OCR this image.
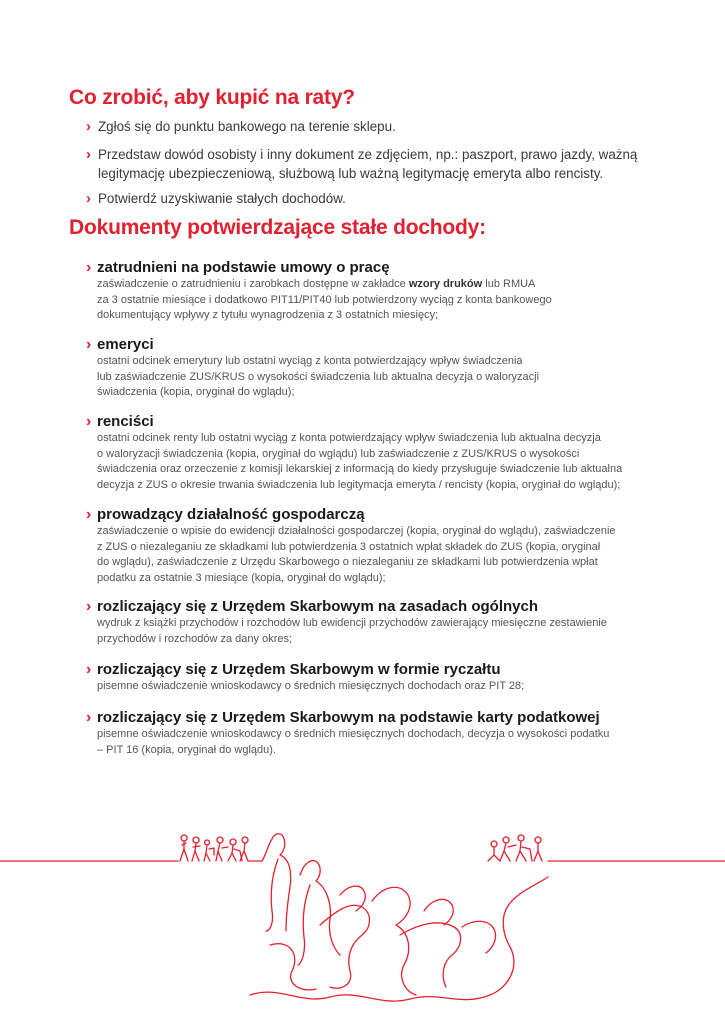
Co zrobić, aby kupić na raty?
› Zgłoś się do punktu bankowego na terenie sklepu.
› Przedstaw dowód osobisty i inny dokument ze zdjęciem, np.: paszport, prawo jazdy, ważną legitymację ubezpieczeniową, służbową lub ważną legitymację emeryta albo rencisty.
› Potwierdź uzyskiwanie stałych dochodów.
Dokumenty potwierdzające stałe dochody:
› zatrudnieni na podstawie umowy o pracę
zaświadczenie o zatrudnieniu i zarobkach dostępne w zakładce wzory druków lub RMUA
za 3 ostatnie miesiące i dodatkowo PIT11/PIT40 lub potwierdzony wyciąg z konta bankowego
dokumentujący wpływy z tytułu wynagrodzenia z 3 ostatnich miesięcy;
› emeryci
ostatni odcinek emerytury lub ostatni wyciąg z konta potwierdzający wpływ świadczenia
lub zaświadczenie ZUS/KRUS o wysokości świadczenia lub aktualna decyzja o waloryzacji
świadczenia (kopia, oryginał do wglądu);
› renciści
ostatni odcinek renty lub ostatni wyciąg z konta potwierdzający wpływ świadczenia lub aktualna decyzja
o waloryzacji świadczenia (kopia, oryginał do wglądu) lub zaświadczenie z ZUS/KRUS o wysokości
świadczenia oraz orzeczenie z komisji lekarskiej z informacją do kiedy przysługuje świadczenie lub aktualna
decyzja z ZUS o okresie trwania świadczenia lub legitymacja emeryta / rencisty (kopia, oryginał do wglądu);
› prowadzący działalność gospodarczą
zaświadczenie o wpisie do ewidencji działalności gospodarczej (kopia, oryginał do wglądu), zaświadczenie
z ZUS o niezaleganiu ze składkami lub potwierdzenia 3 ostatnich wpłat składek do ZUS (kopia, oryginał
do wglądu), zaświadczenie z Urzędu Skarbowego o niezaleganiu ze składkami lub potwierdzenia wpłat
podatku za ostatnie 3 miesiące (kopia, oryginał do wglądu);
› rozliczający się z Urzędem Skarbowym na zasadach ogólnych
wydruk z książki przychodów i rozchodów lub ewidencji przychodów zawierający miesięczne zestawienie
przychodów i rozchodów za dany okres;
› rozliczający się z Urzędem Skarbowym w formie ryczałtu
pisemne oświadczenie wnioskodawcy o średnich miesięcznych dochodach oraz PIT 28;
› rozliczający się z Urzędem Skarbowym na podstawie karty podatkowej
pisemne oświadczenie wnioskodawcy o średnich miesięcznych dochodach, decyzja o wysokości podatku
– PIT 16 (kopia, oryginał do wglądu).
